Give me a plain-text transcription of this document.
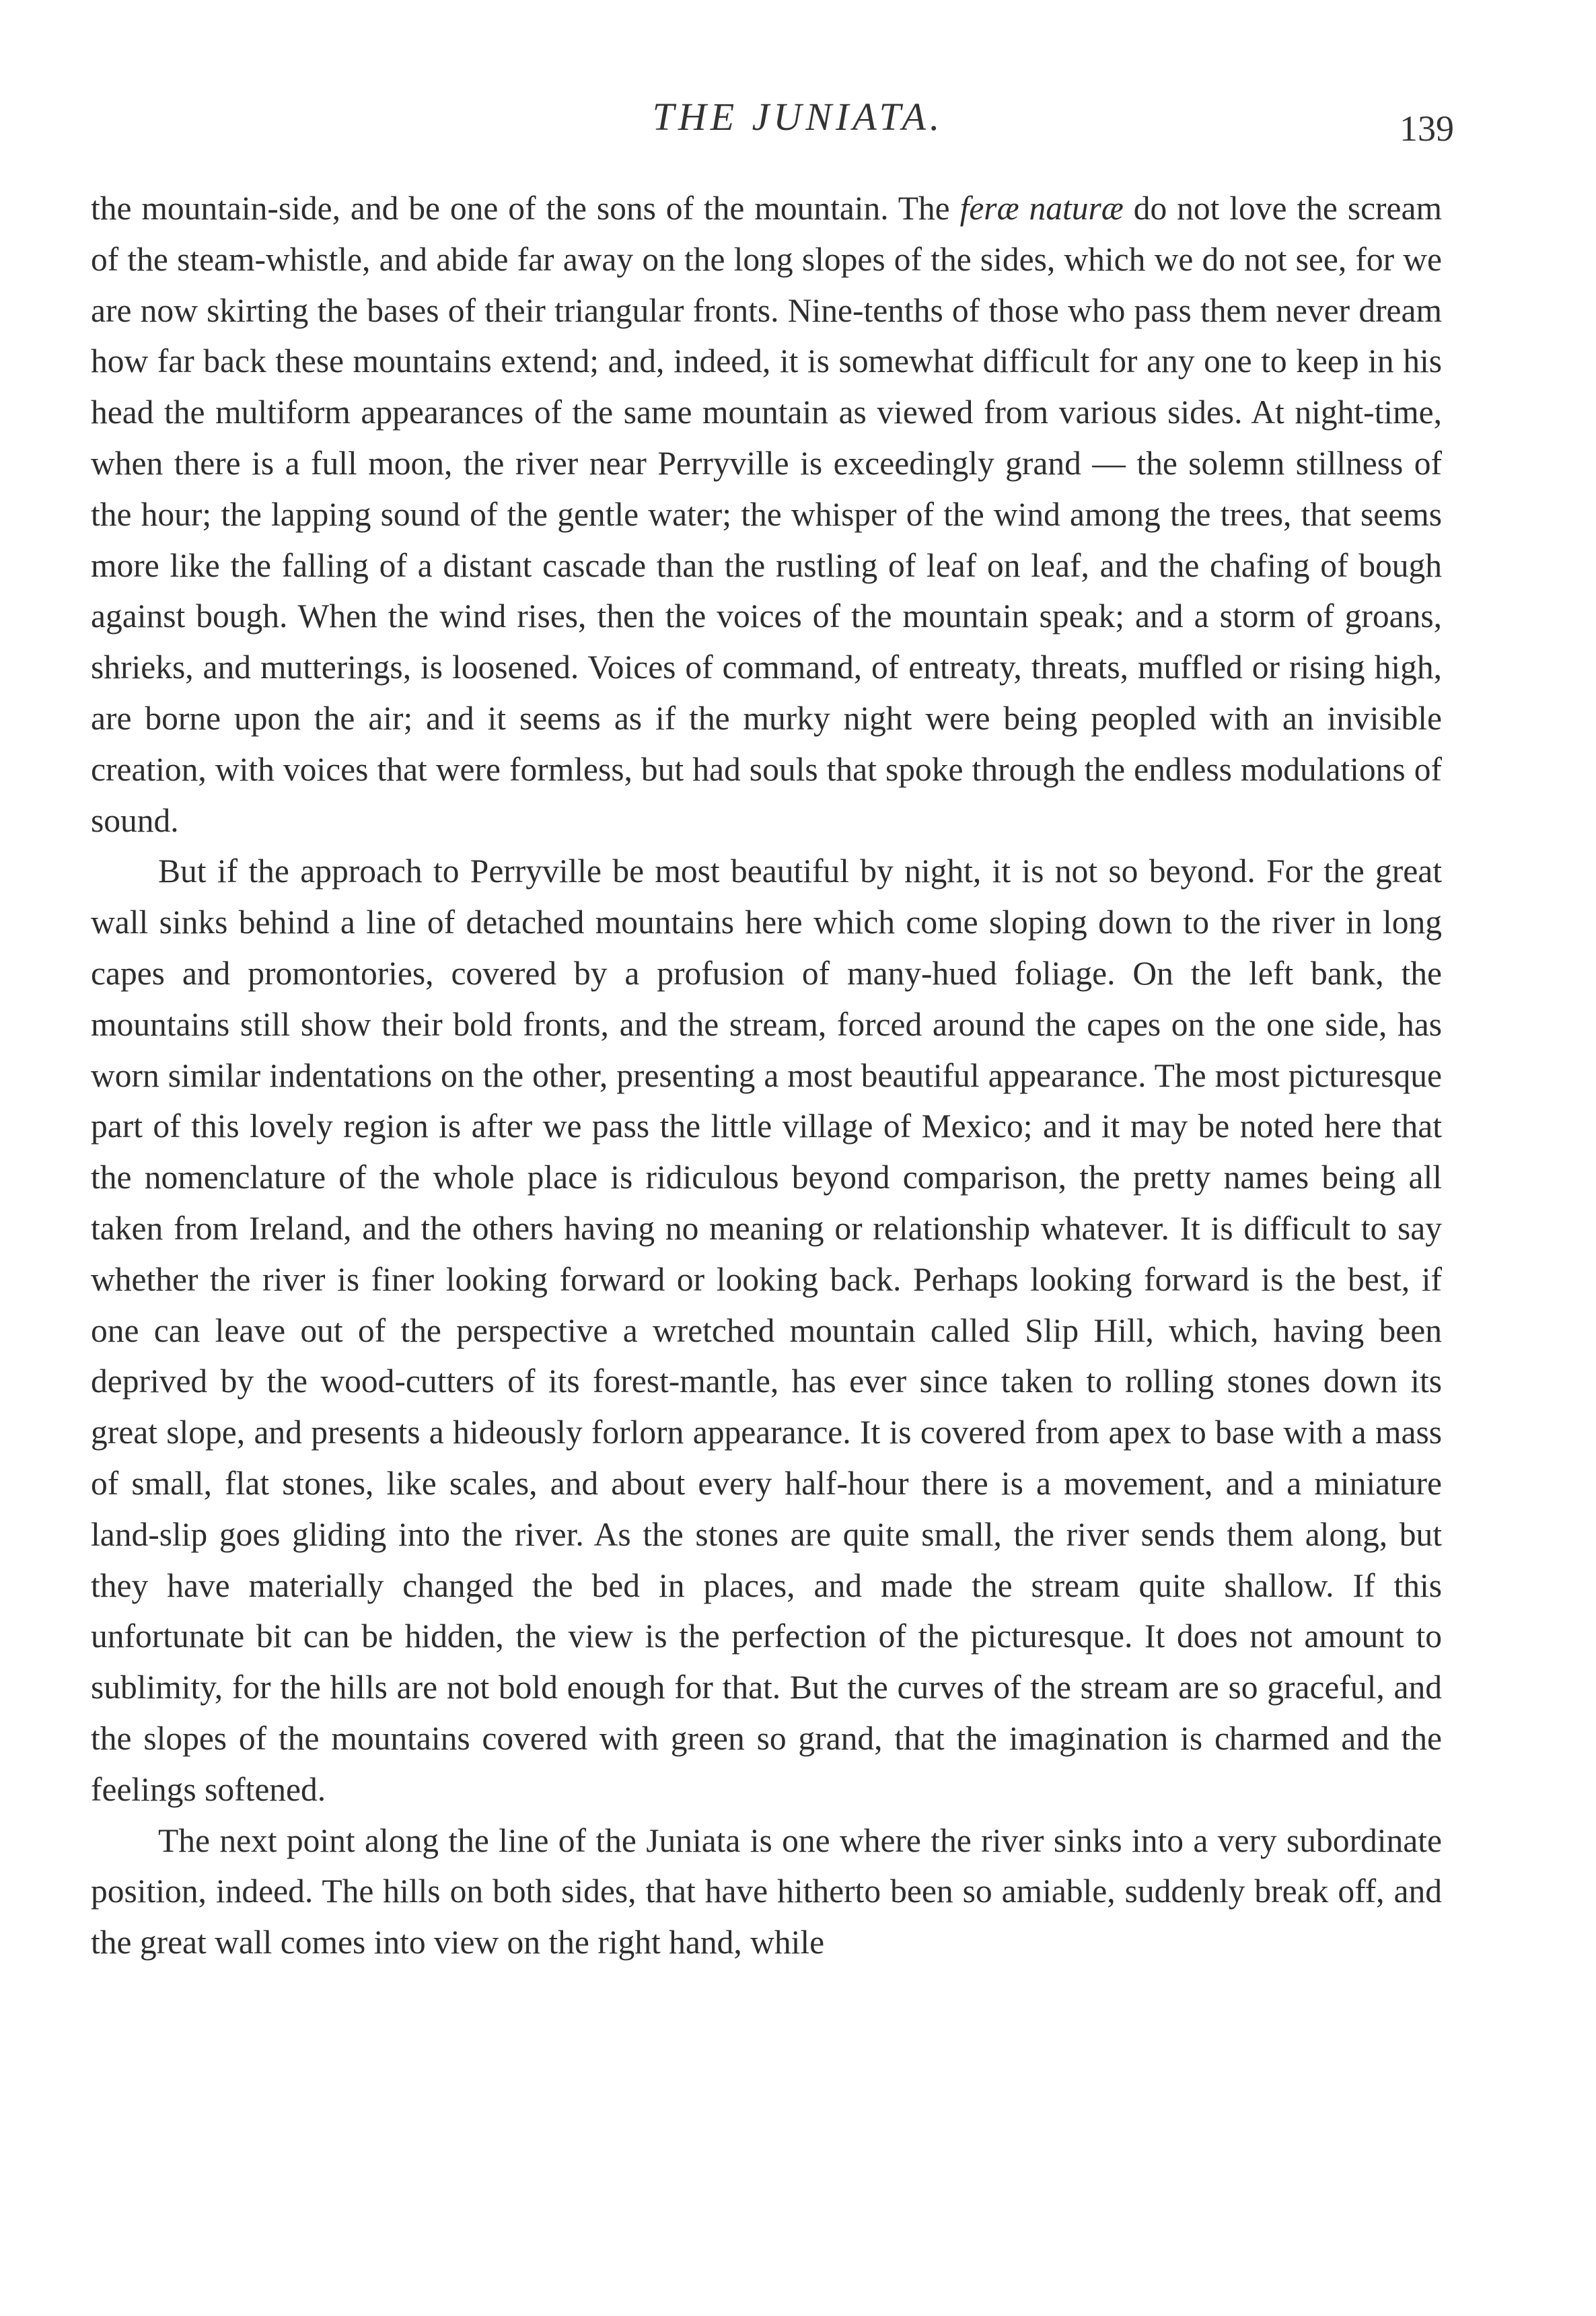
THE JUNIATA.	139

the mountain-side, and be one of the sons of the mountain. The feræ naturæ do not love the scream of the steam-whistle, and abide far away on the long slopes of the sides, which we do not see, for we are now skirting the bases of their triangular fronts. Nine-tenths of those who pass them never dream how far back these mountains extend; and, indeed, it is somewhat difficult for any one to keep in his head the multiform appearances of the same mountain as viewed from various sides. At night-time, when there is a full moon, the river near Perryville is exceedingly grand — the solemn stillness of the hour; the lapping sound of the gentle water; the whisper of the wind among the trees, that seems more like the falling of a distant cascade than the rustling of leaf on leaf, and the chafing of bough against bough. When the wind rises, then the voices of the mountain speak; and a storm of groans, shrieks, and mutterings, is loosened. Voices of command, of entreaty, threats, muffled or rising high, are borne upon the air; and it seems as if the murky night were being peopled with an invisible creation, with voices that were formless, but had souls that spoke through the endless modulations of sound.

But if the approach to Perryville be most beautiful by night, it is not so beyond. For the great wall sinks behind a line of detached mountains here which come sloping down to the river in long capes and promontories, covered by a profusion of many-hued foliage. On the left bank, the mountains still show their bold fronts, and the stream, forced around the capes on the one side, has worn similar indentations on the other, presenting a most beautiful appearance. The most picturesque part of this lovely region is after we pass the little village of Mexico; and it may be noted here that the nomenclature of the whole place is ridiculous beyond comparison, the pretty names being all taken from Ireland, and the others having no meaning or relationship whatever. It is difficult to say whether the river is finer looking forward or looking back. Perhaps looking forward is the best, if one can leave out of the perspective a wretched mountain called Slip Hill, which, having been deprived by the wood-cutters of its forest-mantle, has ever since taken to rolling stones down its great slope, and presents a hideously forlorn appearance. It is covered from apex to base with a mass of small, flat stones, like scales, and about every half-hour there is a movement, and a miniature land-slip goes gliding into the river. As the stones are quite small, the river sends them along, but they have materially changed the bed in places, and made the stream quite shallow. If this unfortunate bit can be hidden, the view is the perfection of the picturesque. It does not amount to sublimity, for the hills are not bold enough for that. But the curves of the stream are so graceful, and the slopes of the mountains covered with green so grand, that the imagination is charmed and the feelings softened.

The next point along the line of the Juniata is one where the river sinks into a very subordinate position, indeed. The hills on both sides, that have hitherto been so amiable, suddenly break off, and the great wall comes into view on the right hand, while
